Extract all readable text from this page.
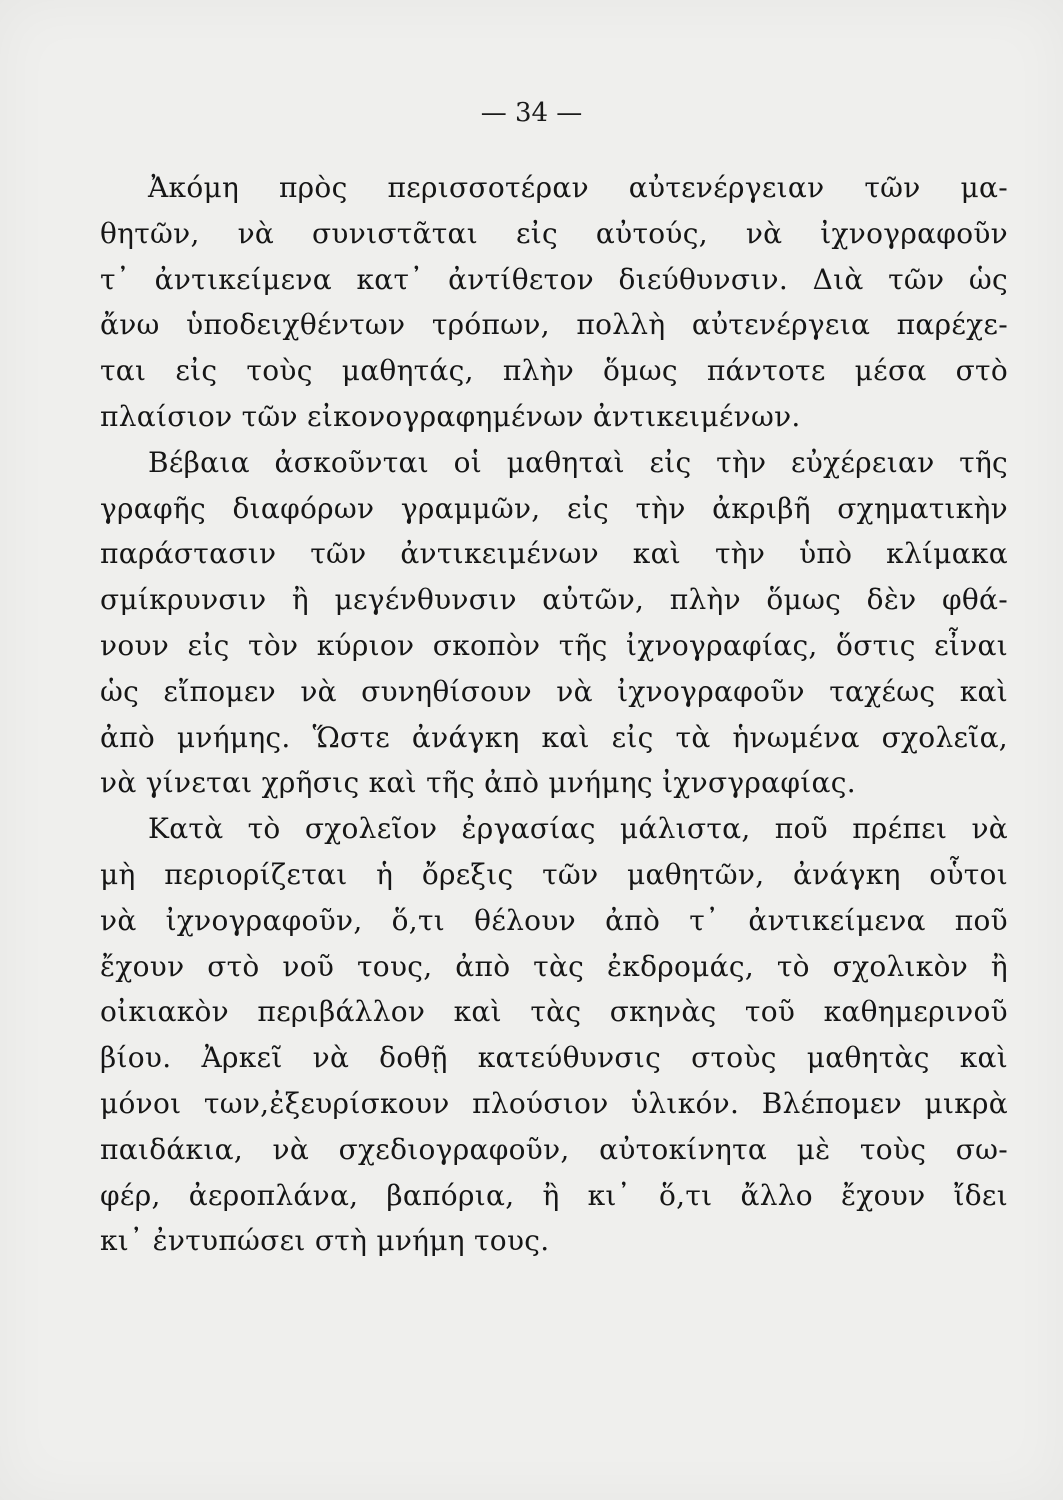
— 34 —
Ἀκόμη πρὸς περισσοτέραν αὐτενέργειαν τῶν μα-
θητῶν, νὰ συνιστᾶται εἰς αὐτούς, νὰ ἰχνογραφοῦν
τ᾽ ἀντικείμενα κατ᾽ ἀντίθετον διεύθυνσιν. Διὰ τῶν ὡς
ἄνω ὑποδειχθέντων τρόπων, πολλὴ αὐτενέργεια παρέχε-
ται εἰς τοὺς μαθητάς, πλὴν ὅμως πάντοτε μέσα στὸ
πλαίσιον τῶν εἰκονογραφημένων ἀντικειμένων.
Βέβαια ἀσκοῦνται οἱ μαθηταὶ εἰς τὴν εὐχέρειαν τῆς
γραφῆς διαφόρων γραμμῶν, εἰς τὴν ἀκριβῆ σχηματικὴν
παράστασιν τῶν ἀντικειμένων καὶ τὴν ὑπὸ κλίμακα
σμίκρυνσιν ἢ μεγένθυνσιν αὐτῶν, πλὴν ὅμως δὲν φθά-
νουν εἰς τὸν κύριον σκοπὸν τῆς ἰχνογραφίας, ὅστις εἶναι
ὡς εἴπομεν νὰ συνηθίσουν νὰ ἰχνογραφοῦν ταχέως καὶ
ἀπὸ μνήμης. Ὥστε ἀνάγκη καὶ εἰς τὰ ἡνωμένα σχολεῖα,
νὰ γίνεται χρῆσις καὶ τῆς ἀπὸ μνήμης ἰχνσγραφίας.
Κατὰ τὸ σχολεῖον ἐργασίας μάλιστα, ποῦ πρέπει νὰ
μὴ περιορίζεται ἡ ὄρεξις τῶν μαθητῶν, ἀνάγκη οὗτοι
νὰ ἰχνογραφοῦν, ὅ,τι θέλουν ἀπὸ τ᾽ ἀντικείμενα ποῦ
ἔχουν στὸ νοῦ τους, ἀπὸ τὰς ἐκδρομάς, τὸ σχολικὸν ἢ
οἰκιακὸν περιβάλλον καὶ τὰς σκηνὰς τοῦ καθημερινοῦ
βίου. Ἀρκεῖ νὰ δοθῇ κατεύθυνσις στοὺς μαθητὰς καὶ
μόνοι των,ἐξευρίσκουν πλούσιον ὑλικόν. Βλέπομεν μικρὰ
παιδάκια, νὰ σχεδιογραφοῦν, αὐτοκίνητα μὲ τοὺς σω-
φέρ, ἀεροπλάνα, βαπόρια, ἢ κι᾽ ὅ,τι ἄλλο ἔχουν ἴδει
κι᾽ ἐντυπώσει στὴ μνήμη τους.
